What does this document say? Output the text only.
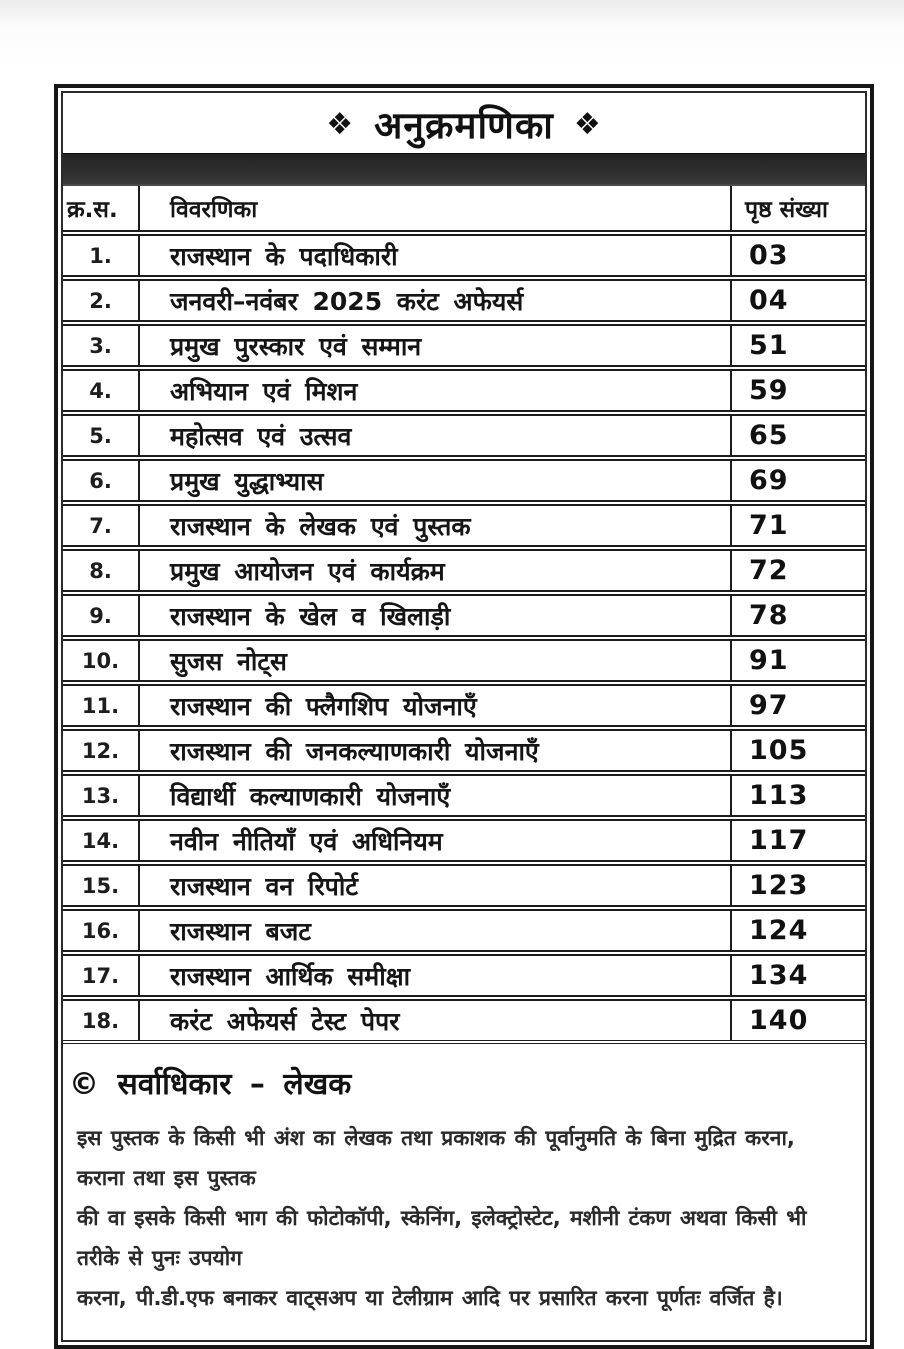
❖ अनुक्रमणिका ❖
क्र.स.	विवरणिका	पृष्ठ संख्या
1.	राजस्थान के पदाधिकारी	03
2.	जनवरी–नवंबर 2025 करंट अफेयर्स	04
3.	प्रमुख पुरस्कार एवं सम्मान	51
4.	अभियान एवं मिशन	59
5.	महोत्सव एवं उत्सव	65
6.	प्रमुख युद्धाभ्यास	69
7.	राजस्थान के लेखक एवं पुस्तक	71
8.	प्रमुख आयोजन एवं कार्यक्रम	72
9.	राजस्थान के खेल व खिलाड़ी	78
10.	सुजस नोट्स	91
11.	राजस्थान की फ्लैगशिप योजनाएँ	97
12.	राजस्थान की जनकल्याणकारी योजनाएँ	105
13.	विद्यार्थी कल्याणकारी योजनाएँ	113
14.	नवीन नीतियाँ एवं अधिनियम	117
15.	राजस्थान वन रिपोर्ट	123
16.	राजस्थान बजट	124
17.	राजस्थान आर्थिक समीक्षा	134
18.	करंट अफेयर्स टेस्ट पेपर	140
© सर्वाधिकार – लेखक
इस पुस्तक के किसी भी अंश का लेखक तथा प्रकाशक की पूर्वानुमति के बिना मुद्रित करना, कराना तथा इस पुस्तक
की वा इसके किसी भाग की फोटोकॉपी, स्केनिंग, इलेक्ट्रोस्टेट, मशीनी टंकण अथवा किसी भी तरीके से पुनः उपयोग
करना, पी.डी.एफ बनाकर वाट्सअप या टेलीग्राम आदि पर प्रसारित करना पूर्णतः वर्जित है।
